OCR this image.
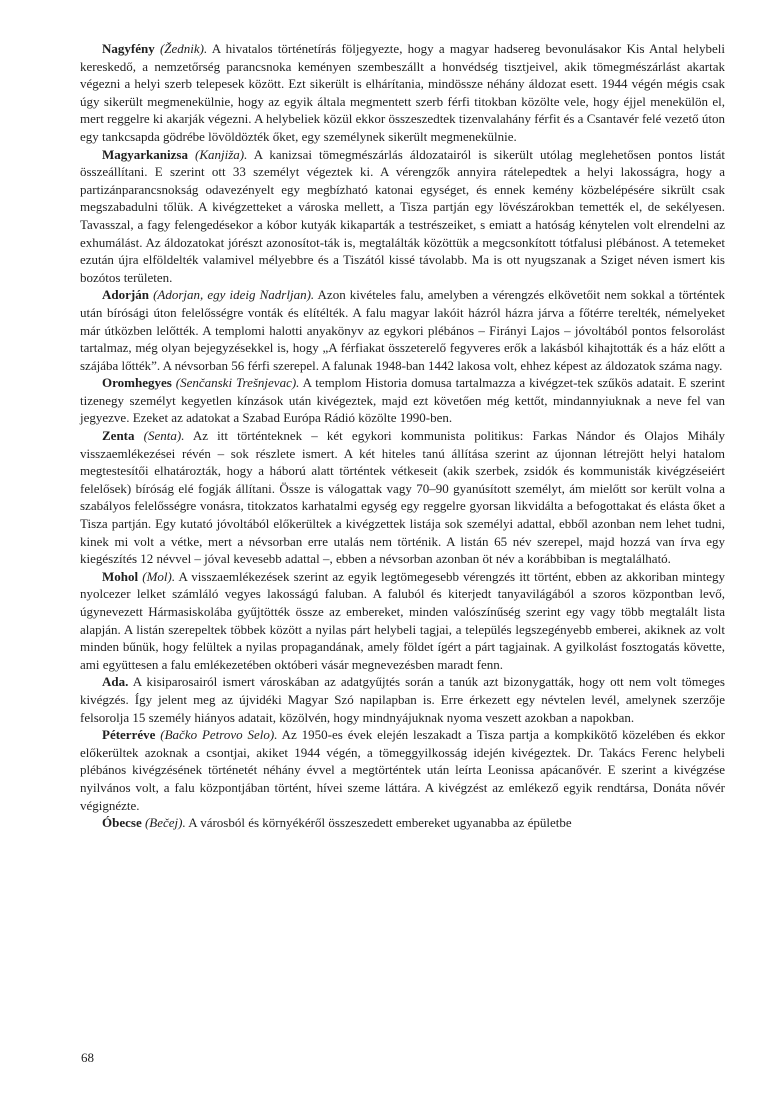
Nagyfény (Žednik). A hivatalos történetírás följegyezte, hogy a magyar hadsereg bevonulásakor Kis Antal helybeli kereskedő, a nemzetőrség parancsnoka keményen szembeszállt a honvédség tisztjeivel, akik tömegmészárlást akartak végezni a helyi szerb telepesek között. Ezt sikerült is elhárítania, mindössze néhány áldozat esett. 1944 végén mégis csak úgy sikerült megmenekülnie, hogy az egyik általa megmentett szerb férfi titokban közölte vele, hogy éjjel menekülön el, mert reggelre ki akarják végezni. A helybeliek közül ekkor összeszedtek tizenvalahány férfit és a Csantavér felé vezető úton egy tankcsapda gödrébe lövöldözték őket, egy személynek sikerült megmenekülnie.

Magyarkanizsa (Kanjiža). A kanizsai tömegmészárlás áldozatairól is sikerült utólag meglehetősen pontos listát összeállítani. E szerint ott 33 személyt végeztek ki. A vérengzők annyira rátelepedtek a helyi lakosságra, hogy a partizánparancsnokság odavezényelt egy megbízható katonai egységet, és ennek kemény közbelépésére sikrült csak megszabadulni tőlük. A kivégzetteket a városka mellett, a Tisza partján egy lövészárokban temették el, de sekélyesen. Tavasszal, a fagy felengedésekor a kóbor kutyák kikaparták a testrészeiket, s emiatt a hatóság kénytelen volt elrendelni az exhumálást. Az áldozatokat jórészt azonosítot-ták is, megtalálták közöttük a megcsonkított tótfalusi plébánost. A tetemeket ezután újra elföldelték valamivel mélyebbre és a Tiszától kissé távolabb. Ma is ott nyugszanak a Sziget néven ismert kis bozótos területen.

Adorján (Adorjan, egy ideig Nadrljan). Azon kivételes falu, amelyben a vérengzés elkövetőit nem sokkal a történtek után bírósági úton felelősségre vonták és elítélték. A falu magyar lakóit házról házra járva a főtérre terelték, némelyeket már útközben lelőtték. A templomi halotti anyakönyv az egykori plébános – Firányi Lajos – jóvoltából pontos felsorolást tartalmaz, még olyan bejegyzésekkel is, hogy „A férfiakat összeterelő fegyveres erők a lakásból kihajtották és a ház előtt a szájába lőtték”. A névsorban 56 férfi szerepel. A falunak 1948-ban 1442 lakosa volt, ehhez képest az áldozatok száma nagy.

Oromhegyes (Senčanski Trešnjevac). A templom Historia domusa tartalmazza a kivégzet-tek szűkös adatait. E szerint tizenegy személyt kegyetlen kínzások után kivégeztek, majd ezt követően még kettőt, mindannyiuknak a neve fel van jegyezve. Ezeket az adatokat a Szabad Európa Rádió közölte 1990-ben.

Zenta (Senta). Az itt történteknek – két egykori kommunista politikus: Farkas Nándor és Olajos Mihály visszaemlékezései révén – sok részlete ismert. A két hiteles tanú állítása szerint az újonnan létrejött helyi hatalom megtestesítői elhatározták, hogy a háború alatt történtek vétkeseit (akik szerbek, zsidók és kommunisták kivégzéseiért felelősek) bíróság elé fogják állítani. Össze is válogattak vagy 70–90 gyanúsított személyt, ám mielőtt sor került volna a szabályos felelősségre vonásra, titokzatos karhatalmi egység egy reggelre gyorsan likvidálta a befogottakat és elásta őket a Tisza partján. Egy kutató jóvoltából előkerültek a kivégzettek listája sok személyi adattal, ebből azonban nem lehet tudni, kinek mi volt a vétke, mert a névsorban erre utalás nem történik. A listán 65 név szerepel, majd hozzá van írva egy kiegészítés 12 névvel – jóval kevesebb adattal –, ebben a névsorban azonban öt név a korábbiban is megtalálható.

Mohol (Mol). A visszaemlékezések szerint az egyik legtömegesebb vérengzés itt történt, ebben az akkoriban mintegy nyolcezer lelket számláló vegyes lakosságú faluban. A faluból és kiterjedt tanyavilágából a szoros központban levő, úgynevezett Hármasiskolába gyűjtötték össze az embereket, minden valószínűség szerint egy vagy több megtalált lista alapján. A listán szerepeltek többek között a nyilas párt helybeli tagjai, a település legszegényebb emberei, akiknek az volt minden bűnük, hogy felültek a nyilas propagandának, amely földet ígért a párt tagjainak. A gyilkolást fosztogatás követte, ami együttesen a falu emlékezetében októberi vásár megnevezésben maradt fenn.

Ada. A kisiparosairól ismert városkában az adatgyűjtés során a tanúk azt bizonygatták, hogy ott nem volt tömeges kivégzés. Így jelent meg az újvidéki Magyar Szó napilapban is. Erre érkezett egy névtelen levél, amelynek szerzője felsorolja 15 személy hiányos adatait, közölvén, hogy mindnyájuknak nyoma veszett azokban a napokban.

Péterréve (Bačko Petrovo Selo). Az 1950-es évek elején leszakadt a Tisza partja a kompkikötő közelében és ekkor előkerültek azoknak a csontjai, akiket 1944 végén, a tömeggyilkosság idején kivégeztek. Dr. Takács Ferenc helybeli plébános kivégzésének történetét néhány évvel a megtörténtek után leírta Leonissa apácanővér. E szerint a kivégzése nyilvános volt, a falu központjában történt, hívei szeme láttára. A kivégzést az emlékező egyik rendtársa, Donáta nővér végignézte.

Óbecse (Bečej). A városból és környékéről összeszedett embereket ugyanabba az épületbe

68
